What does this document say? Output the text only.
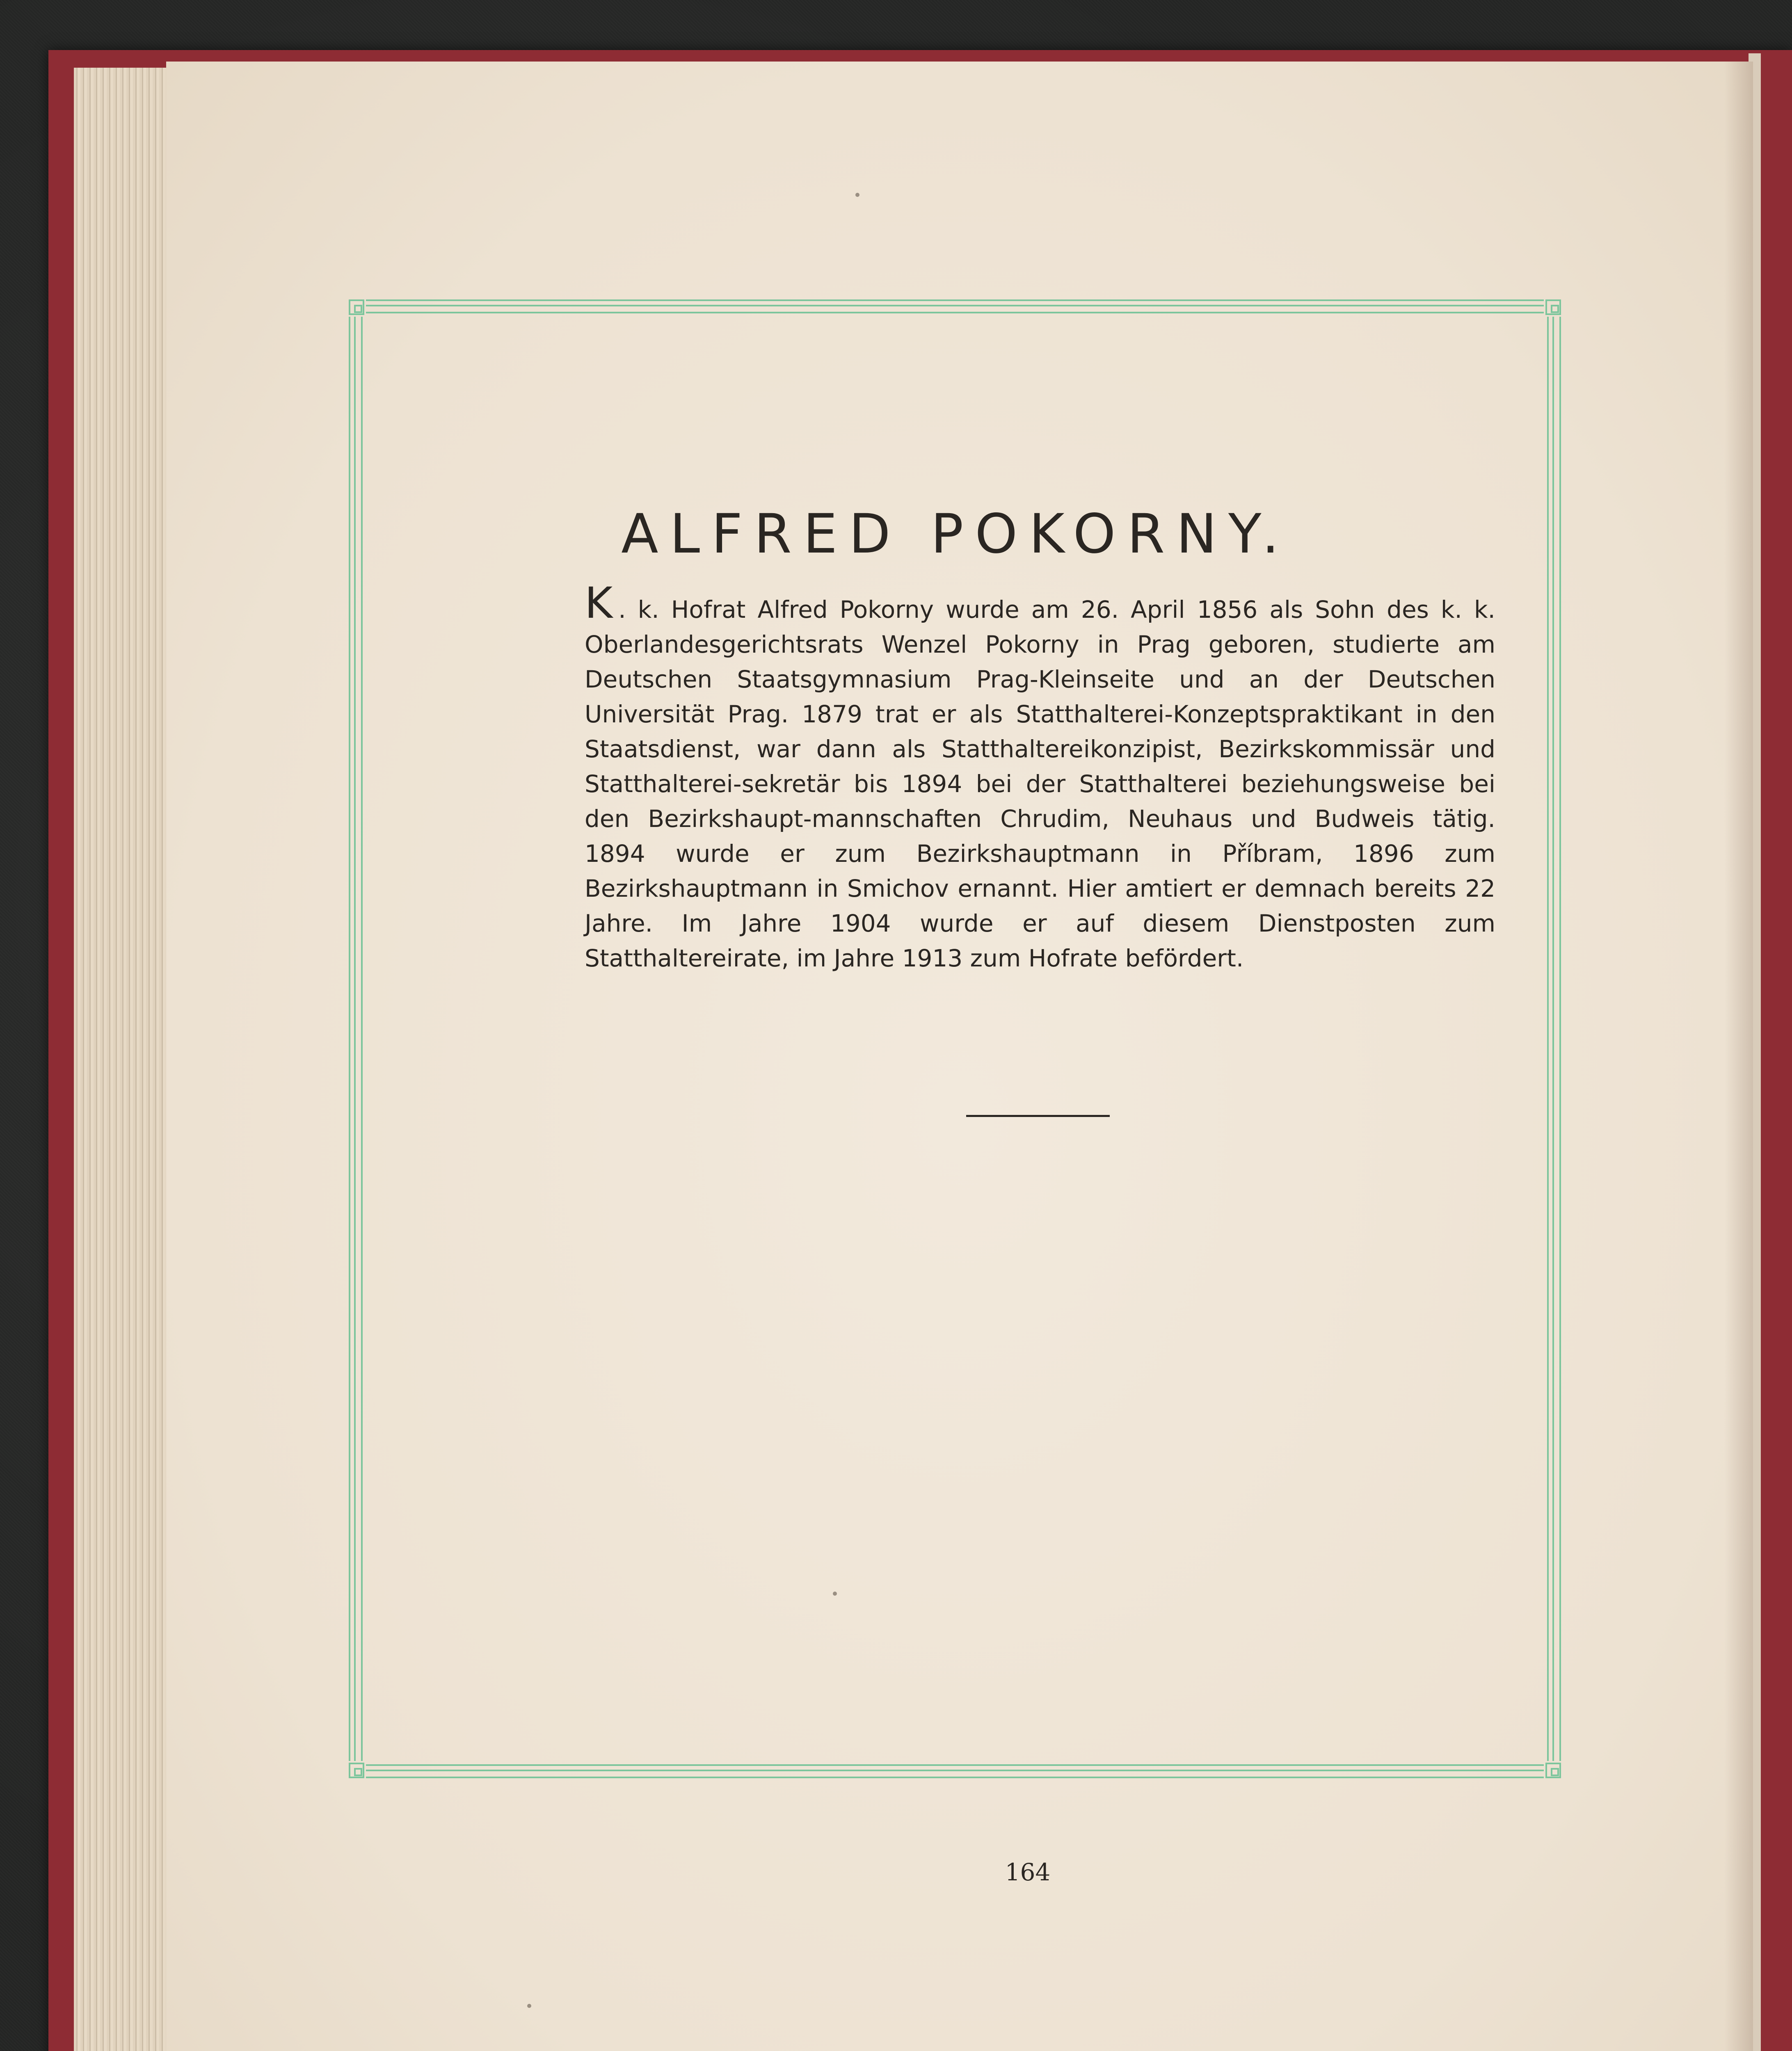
ALFRED POKORNY.

K . k. Hofrat Alfred Pokorny wurde am 26. April 1856 als Sohn des k. k. Oberlandesgerichtsrats Wenzel Pokorny in Prag geboren, studierte am Deutschen Staatsgymnasium Prag-Kleinseite und an der Deutschen Universität Prag. 1879 trat er als Statthalterei-Konzeptspraktikant in den Staatsdienst, war dann als Statthaltereikonzipist, Bezirkskommissär und Statthalterei-sekretär bis 1894 bei der Statthalterei beziehungsweise bei den Bezirkshaupt-mannschaften Chrudim, Neuhaus und Budweis tätig. 1894 wurde er zum Bezirkshauptmann in Příbram, 1896 zum Bezirkshauptmann in Smichov ernannt. Hier amtiert er demnach bereits 22 Jahre. Im Jahre 1904 wurde er auf diesem Dienstposten zum Statthaltereirate, im Jahre 1913 zum Hofrate befördert.

164
